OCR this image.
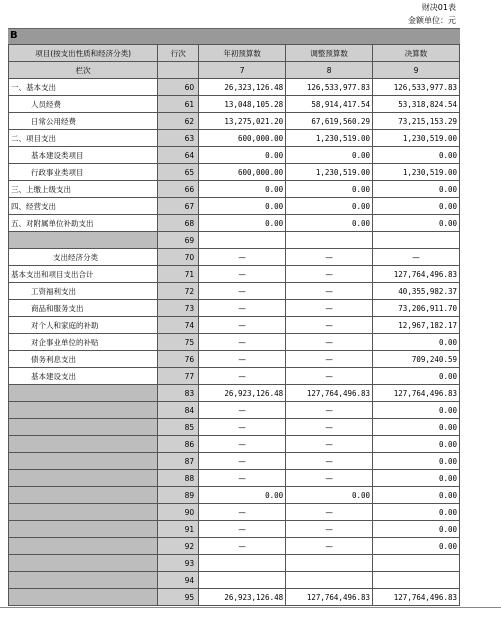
财决01表
金额单位：元
B
项目(按支出性质和经济分类)	行次	年初预算数	调整预算数	决算数
栏次		7	8	9
一、基本支出	60	26,323,126.48	126,533,977.83	126,533,977.83
人员经费	61	13,048,105.28	58,914,417.54	53,318,824.54
日常公用经费	62	13,275,021.20	67,619,560.29	73,215,153.29
二、项目支出	63	600,000.00	1,230,519.00	1,230,519.00
基本建设类项目	64	0.00	0.00	0.00
行政事业类项目	65	600,000.00	1,230,519.00	1,230,519.00
三、上缴上级支出	66	0.00	0.00	0.00
四、经营支出	67	0.00	0.00	0.00
五、对附属单位补助支出	68	0.00	0.00	0.00
	69			
支出经济分类	70	—	—	—
基本支出和项目支出合计	71	—	—	127,764,496.83
工资福利支出	72	—	—	40,355,982.37
商品和服务支出	73	—	—	73,206,911.70
对个人和家庭的补助	74	—	—	12,967,182.17
对企事业单位的补贴	75	—	—	0.00
债务利息支出	76	—	—	709,240.59
基本建设支出	77	—	—	0.00
	83	26,923,126.48	127,764,496.83	127,764,496.83
	84	—	—	0.00
	85	—	—	0.00
	86	—	—	0.00
	87	—	—	0.00
	88	—	—	0.00
	89	0.00	0.00	0.00
	90	—	—	0.00
	91	—	—	0.00
	92	—	—	0.00
	93			
	94			
	95	26,923,126.48	127,764,496.83	127,764,496.83
